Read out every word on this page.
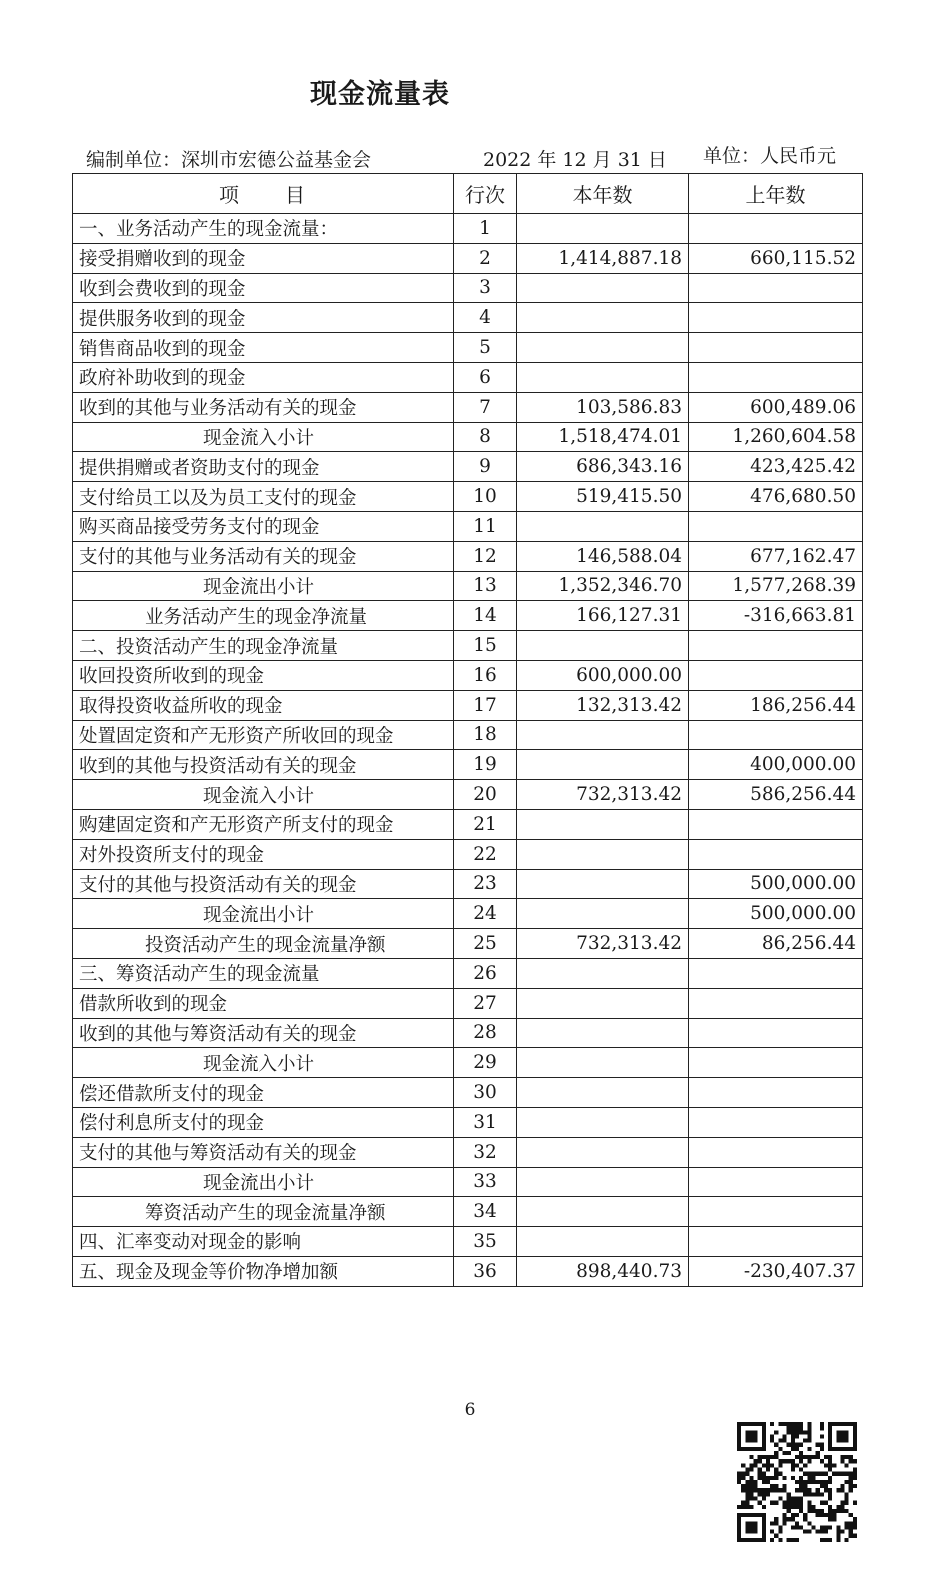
现金流量表
编制单位：深圳市宏德公益基金会	2022 年 12 月 31 日 单位：人民币元
项　　目	行次	本年数	上年数
一、业务活动产生的现金流量：	1		
接受捐赠收到的现金	2	1,414,887.18	660,115.52
收到会费收到的现金	3		
提供服务收到的现金	4		
销售商品收到的现金	5		
政府补助收到的现金	6		
收到的其他与业务活动有关的现金	7	103,586.83	600,489.06
现金流入小计	8	1,518,474.01	1,260,604.58
提供捐赠或者资助支付的现金	9	686,343.16	423,425.42
支付给员工以及为员工支付的现金	10	519,415.50	476,680.50
购买商品接受劳务支付的现金	11		
支付的其他与业务活动有关的现金	12	146,588.04	677,162.47
现金流出小计	13	1,352,346.70	1,577,268.39
业务活动产生的现金净流量	14	166,127.31	-316,663.81
二、投资活动产生的现金净流量	15		
收回投资所收到的现金	16	600,000.00	
取得投资收益所收的现金	17	132,313.42	186,256.44
处置固定资和产无形资产所收回的现金	18		
收到的其他与投资活动有关的现金	19		400,000.00
现金流入小计	20	732,313.42	586,256.44
购建固定资和产无形资产所支付的现金	21		
对外投资所支付的现金	22		
支付的其他与投资活动有关的现金	23		500,000.00
现金流出小计	24		500,000.00
投资活动产生的现金流量净额	25	732,313.42	86,256.44
三、筹资活动产生的现金流量	26		
借款所收到的现金	27		
收到的其他与筹资活动有关的现金	28		
现金流入小计	29		
偿还借款所支付的现金	30		
偿付利息所支付的现金	31		
支付的其他与筹资活动有关的现金	32		
现金流出小计	33		
筹资活动产生的现金流量净额	34		
四、汇率变动对现金的影响	35		
五、现金及现金等价物净增加额	36	898,440.73	-230,407.37
6
